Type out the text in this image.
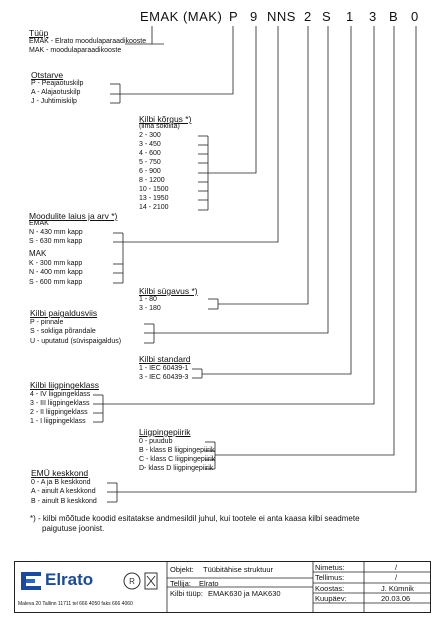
EMAK (MAK) P 9 NNS 2 S 1 3 B 0
Tüüp
EMAK - Elrato moodulaparaadikooste
MAK - moodulaparaadikooste
Otstarve
P - Peajaotuskilp
A - Alajaotuskilp
J - Juhtimiskilp
Kilbi kõrgus *)
(ilma sokliita)
2 - 300
3 - 450
4 - 600
5 - 750
6 - 900
8 - 1200
10 - 1500
13 - 1950
14 - 2100
Moodulite laius ja arv *)
EMAK
N - 430 mm kapp
S - 630 mm kapp
MAK
K - 300 mm kapp
N - 400 mm kapp
S - 600 mm kapp
Kilbi sügavus *)
1 - 80
3 - 180
Kilbi paigaldusviis
P - pinnale
S - sokliga põrandale
U - uputatud (süvispaigaldus)
Kilbi standard
1 - IEC 60439-1
3 - IEC 60439-3
Kilbi liigpingeklass
4 - IV liigpingeklass
3 - III liigpingeklass
2 - II liigpingeklass
1 - I liigpingeklass
Liigpingepiirik
0 - puudub
B - klass B liigpingepiirik
C - klass C liigpingepiirik
D- klass D liigpingepiirik
EMÜ keskkond
0 - A ja B keskkond
A - ainult A keskkond
B - ainult B keskkond
*) - kilbi mõõtude koodid esitatakse andmesildil juhul, kui tootele ei anta kaasa kilbi seadmete
paigutuse joonist.
Elrato
Maleva 20 Tallinn 11711 tel 666 4050 faks 666 4060
R
Objekt: Tüübitähise struktuur
Tellija: Elrato
Kilbi tüüp: EMAK630 ja MAK630
Nimetus:	/
Tellimus:	/
Koostas:	J. Kümnik
Kuupäev:	20.03.06
